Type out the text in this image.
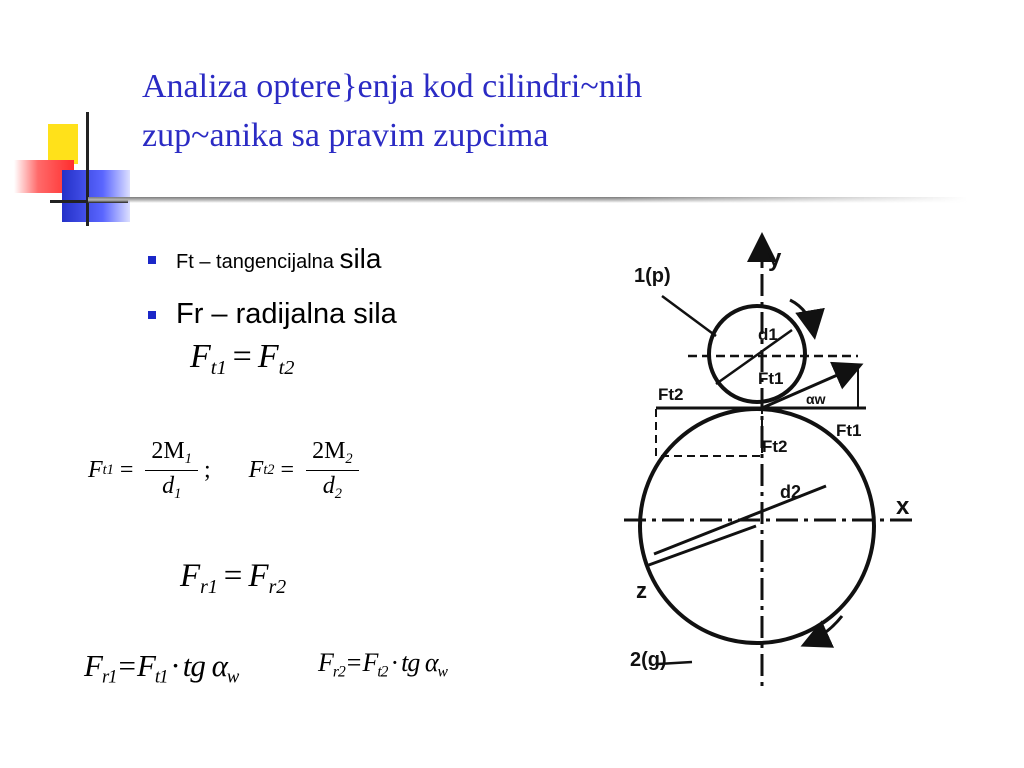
Analiza optere}enja kod cilindri~nih
zup~anika sa pravim zupcima
Ft – tangencijalna
sila
Fr – radijalna sila
$F_{t1} = F_{t2}$
F $t1 = \frac{2M_1}{d_1}$ ; F $t2 = \frac{2M_2}{d_2}$
$F_{r1} = F_{r2}$
$F_{r1}=F_{t1}\cdot tg$ $\alpha_w$	$F_{r2}=F_{t2}$ · tg $\alpha_w$
y
x
z
1(p)
2(g)
d1
d2
Ft1
Ft2
Ft1
Ft2
αw
